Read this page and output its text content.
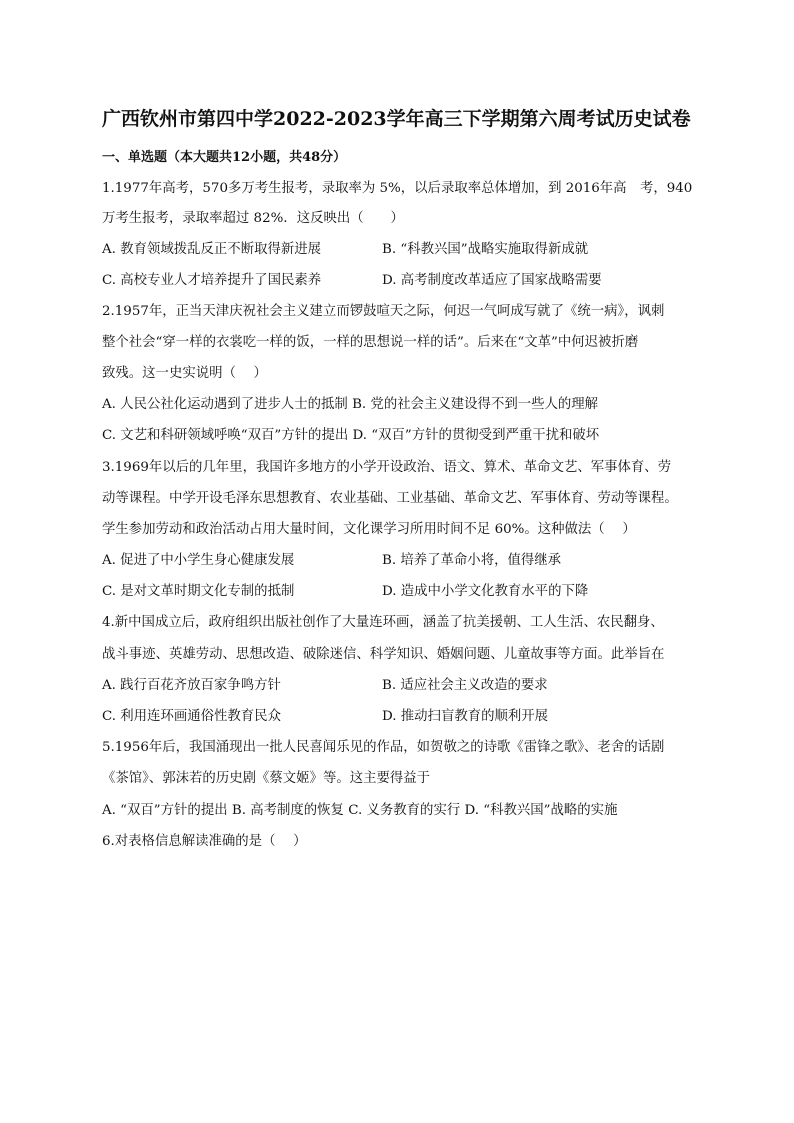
广西钦州市第四中学2022-2023学年高三下学期第六周考试历史试卷
一、单选题（本大题共12小题，共48分）
1.1977年高考，570多万考生报考，录取率为 5%，以后录取率总体增加，到 2016年高　考，940
万考生报考，录取率超过 82%．这反映出（　　）
A. 教育领域拨乱反正不断取得新进展	B. “科教兴国”战略实施取得新成就
C. 高校专业人才培养提升了国民素养	D. 高考制度改革适应了国家战略需要
2.1957年，正当天津庆祝社会主义建立而锣鼓喧天之际，何迟一气呵成写就了《统一病》，讽刺
整个社会“穿一样的衣裳吃一样的饭，一样的思想说一样的话”。后来在“文革”中何迟被折磨
致残。这一史实说明（　 ）
A. 人民公社化运动遇到了进步人士的抵制 B. 党的社会主义建设得不到一些人的理解
C. 文艺和科研领域呼唤“双百”方针的提出 D. “双百”方针的贯彻受到严重干扰和破坏
3.1969年以后的几年里，我国许多地方的小学开设政治、语文、算术、革命文艺、军事体育、劳
动等课程。中学开设毛泽东思想教育、农业基础、工业基础、革命文艺、军事体育、劳动等课程。
学生参加劳动和政治活动占用大量时间，文化课学习所用时间不足 60%。这种做法（　 ）
A. 促进了中小学生身心健康发展	B. 培养了革命小将，值得继承
C. 是对文革时期文化专制的抵制	D. 造成中小学文化教育水平的下降
4.新中国成立后，政府组织出版社创作了大量连环画，涵盖了抗美援朝、工人生活、农民翻身、
战斗事迹、英雄劳动、思想改造、破除迷信、科学知识、婚姻问题、儿童故事等方面。此举旨在
A. 践行百花齐放百家争鸣方针	B. 适应社会主义改造的要求
C. 利用连环画通俗性教育民众	D. 推动扫盲教育的顺利开展
5.1956年后，我国涌现出一批人民喜闻乐见的作品，如贺敬之的诗歌《雷锋之歌》、老舍的话剧
《茶馆》、郭沫若的历史剧《蔡文姬》等。这主要得益于
A. “双百”方针的提出 B. 高考制度的恢复 C. 义务教育的实行 D. “科教兴国”战略的实施
6.对表格信息解读准确的是（　 ）
